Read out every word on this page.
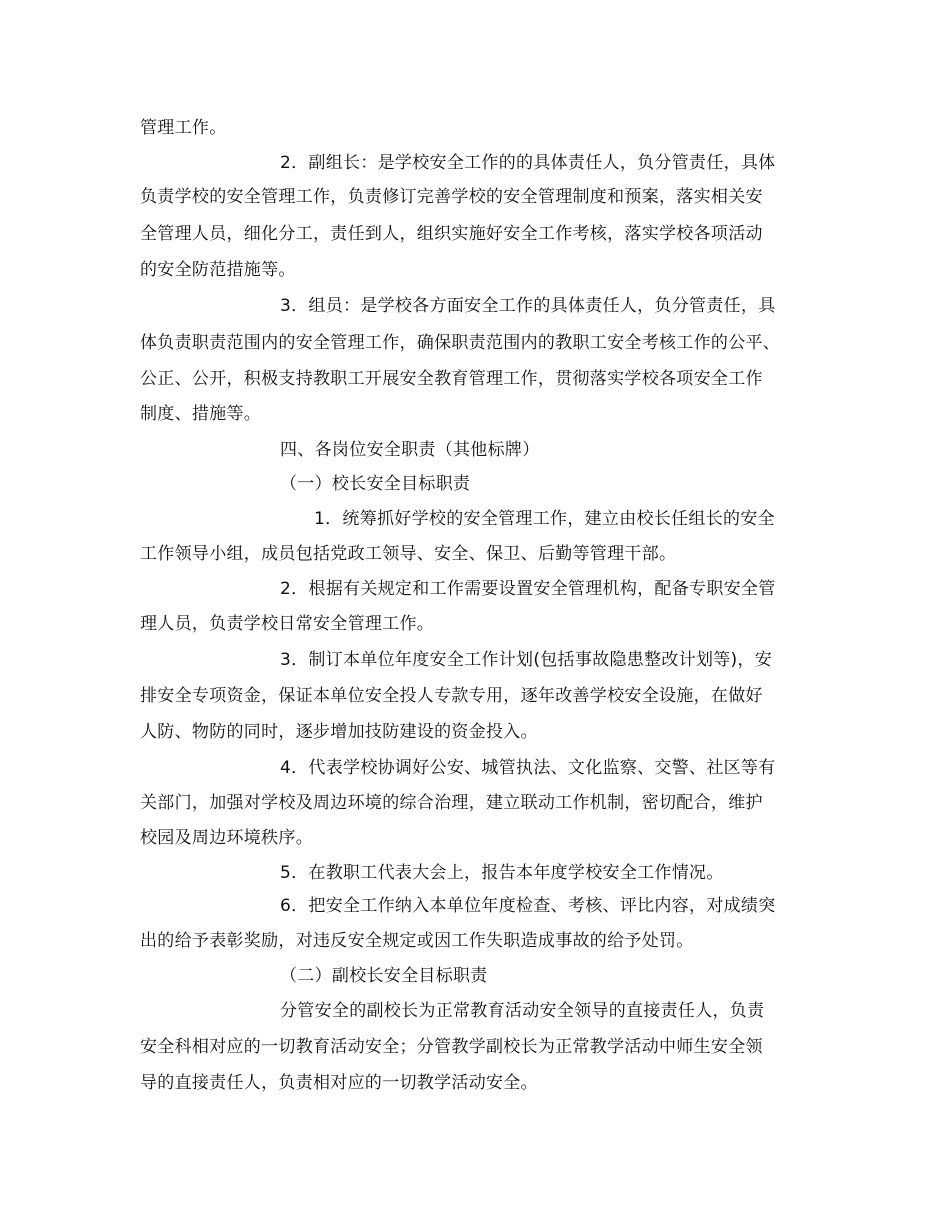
管理工作。
2．副组长：是学校安全工作的的具体责任人，负分管责任，具体
负责学校的安全管理工作，负责修订完善学校的安全管理制度和预案，落实相关安
全管理人员，细化分工，责任到人，组织实施好安全工作考核，落实学校各项活动
的安全防范措施等。
3．组员：是学校各方面安全工作的具体责任人，负分管责任，具
体负责职责范围内的安全管理工作，确保职责范围内的教职工安全考核工作的公平、
公正、公开，积极支持教职工开展安全教育管理工作，贯彻落实学校各项安全工作
制度、措施等。
四、各岗位安全职责（其他标牌）
（一）校长安全目标职责
1．统筹抓好学校的安全管理工作，建立由校长任组长的安全
工作领导小组，成员包括党政工领导、安全、保卫、后勤等管理干部。
2．根据有关规定和工作需要设置安全管理机构，配备专职安全管
理人员，负责学校日常安全管理工作。
3．制订本单位年度安全工作计划(包括事故隐患整改计划等)，安
排安全专项资金，保证本单位安全投人专款专用，逐年改善学校安全设施，在做好
人防、物防的同时，逐步增加技防建设的资金投入。
4．代表学校协调好公安、城管执法、文化监察、交警、社区等有
关部门，加强对学校及周边环境的综合治理，建立联动工作机制，密切配合，维护
校园及周边环境秩序。
5．在教职工代表大会上，报告本年度学校安全工作情况。
6．把安全工作纳入本单位年度检查、考核、评比内容，对成绩突
出的给予表彰奖励，对违反安全规定或因工作失职造成事故的给予处罚。
（二）副校长安全目标职责
分管安全的副校长为正常教育活动安全领导的直接责任人，负责
安全科相对应的一切教育活动安全；分管教学副校长为正常教学活动中师生安全领
导的直接责任人，负责相对应的一切教学活动安全。
